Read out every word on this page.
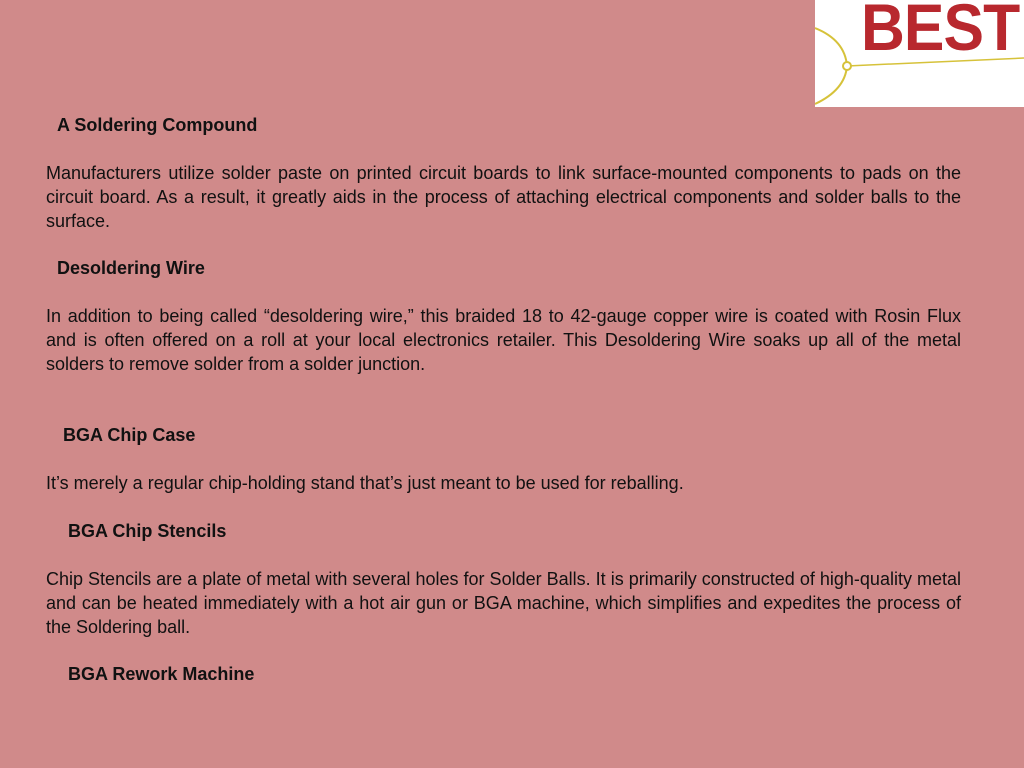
BEST
A Soldering Compound

Manufacturers utilize solder paste on printed circuit boards to link surface-mounted components to pads on the circuit board. As a result, it greatly aids in the process of attaching electrical components and solder balls to the surface.

Desoldering Wire

In addition to being called “desoldering wire,” this braided 18 to 42-gauge copper wire is coated with Rosin Flux and is often offered on a roll at your local electronics retailer. This Desoldering Wire soaks up all of the metal solders to remove solder from a solder junction.

BGA Chip Case

It’s merely a regular chip-holding stand that’s just meant to be used for reballing.

BGA Chip Stencils

Chip Stencils are a plate of metal with several holes for Solder Balls. It is primarily constructed of high-quality metal and can be heated immediately with a hot air gun or BGA machine, which simplifies and expedites the process of the Soldering ball.

BGA Rework Machine
